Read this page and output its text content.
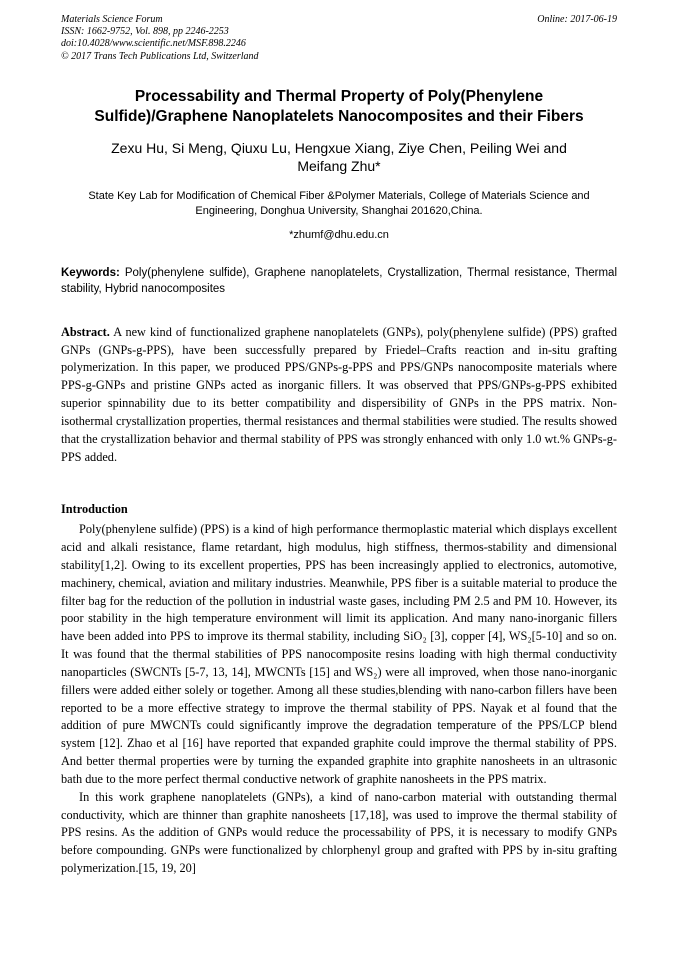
Materials Science Forum
ISSN: 1662-9752, Vol. 898, pp 2246-2253
doi:10.4028/www.scientific.net/MSF.898.2246
© 2017 Trans Tech Publications Ltd, Switzerland
Online: 2017-06-19
Processability and Thermal Property of Poly(Phenylene Sulfide)/Graphene Nanoplatelets Nanocomposites and their Fibers
Zexu Hu, Si Meng, Qiuxu Lu, Hengxue Xiang, Ziye Chen, Peiling Wei and Meifang Zhu*
State Key Lab for Modification of Chemical Fiber &Polymer Materials, College of Materials Science and Engineering, Donghua University, Shanghai 201620,China.
*zhumf@dhu.edu.cn

Keywords: Poly(phenylene sulfide), Graphene nanoplatelets, Crystallization, Thermal resistance, Thermal stability, Hybrid nanocomposites

Abstract. A new kind of functionalized graphene nanoplatelets (GNPs), poly(phenylene sulfide) (PPS) grafted GNPs (GNPs-g-PPS), have been successfully prepared by Friedel–Crafts reaction and in-situ grafting polymerization. In this paper, we produced PPS/GNPs-g-PPS and PPS/GNPs nanocomposite materials where PPS-g-GNPs and pristine GNPs acted as inorganic fillers. It was observed that PPS/GNPs-g-PPS exhibited superior spinnability due to its better compatibility and dispersibility of GNPs in the PPS matrix. Non-isothermal crystallization properties, thermal resistances and thermal stabilities were studied. The results showed that the crystallization behavior and thermal stability of PPS was strongly enhanced with only 1.0 wt.% GNPs-g-PPS added.

Introduction

Poly(phenylene sulfide) (PPS) is a kind of high performance thermoplastic material which displays excellent acid and alkali resistance, flame retardant, high modulus, high stiffness, thermos-stability and dimensional stability[1,2]. Owing to its excellent properties, PPS has been increasingly applied to electronics, automotive, machinery, chemical, aviation and military industries. Meanwhile, PPS fiber is a suitable material to produce the filter bag for the reduction of the pollution in industrial waste gases, including PM 2.5 and PM 10. However, its poor stability in the high temperature environment will limit its application. And many nano-inorganic fillers have been added into PPS to improve its thermal stability, including SiO₂ [3], copper [4], WS₂[5-10] and so on. It was found that the thermal stabilities of PPS nanocomposite resins loading with high thermal conductivity nanoparticles (SWCNTs [5-7, 13, 14], MWCNTs [15] and WS₂) were all improved, when those nano-inorganic fillers were added either solely or together. Among all these studies,blending with nano-carbon fillers have been reported to be a more effective strategy to improve the thermal stability of PPS. Nayak et al found that the addition of pure MWCNTs could significantly improve the degradation temperature of the PPS/LCP blend system [12]. Zhao et al [16] have reported that expanded graphite could improve the thermal stability of PPS. And better thermal properties were by turning the expanded graphite into graphite nanosheets in an ultrasonic bath due to the more perfect thermal conductive network of graphite nanosheets in the PPS matrix.

In this work graphene nanoplatelets (GNPs), a kind of nano-carbon material with outstanding thermal conductivity, which are thinner than graphite nanosheets [17,18], was used to improve the thermal stability of PPS resins. As the addition of GNPs would reduce the processability of PPS, it is necessary to modify GNPs before compounding. GNPs were functionalized by chlorphenyl group and grafted with PPS by in-situ grafting polymerization.[15, 19, 20]
